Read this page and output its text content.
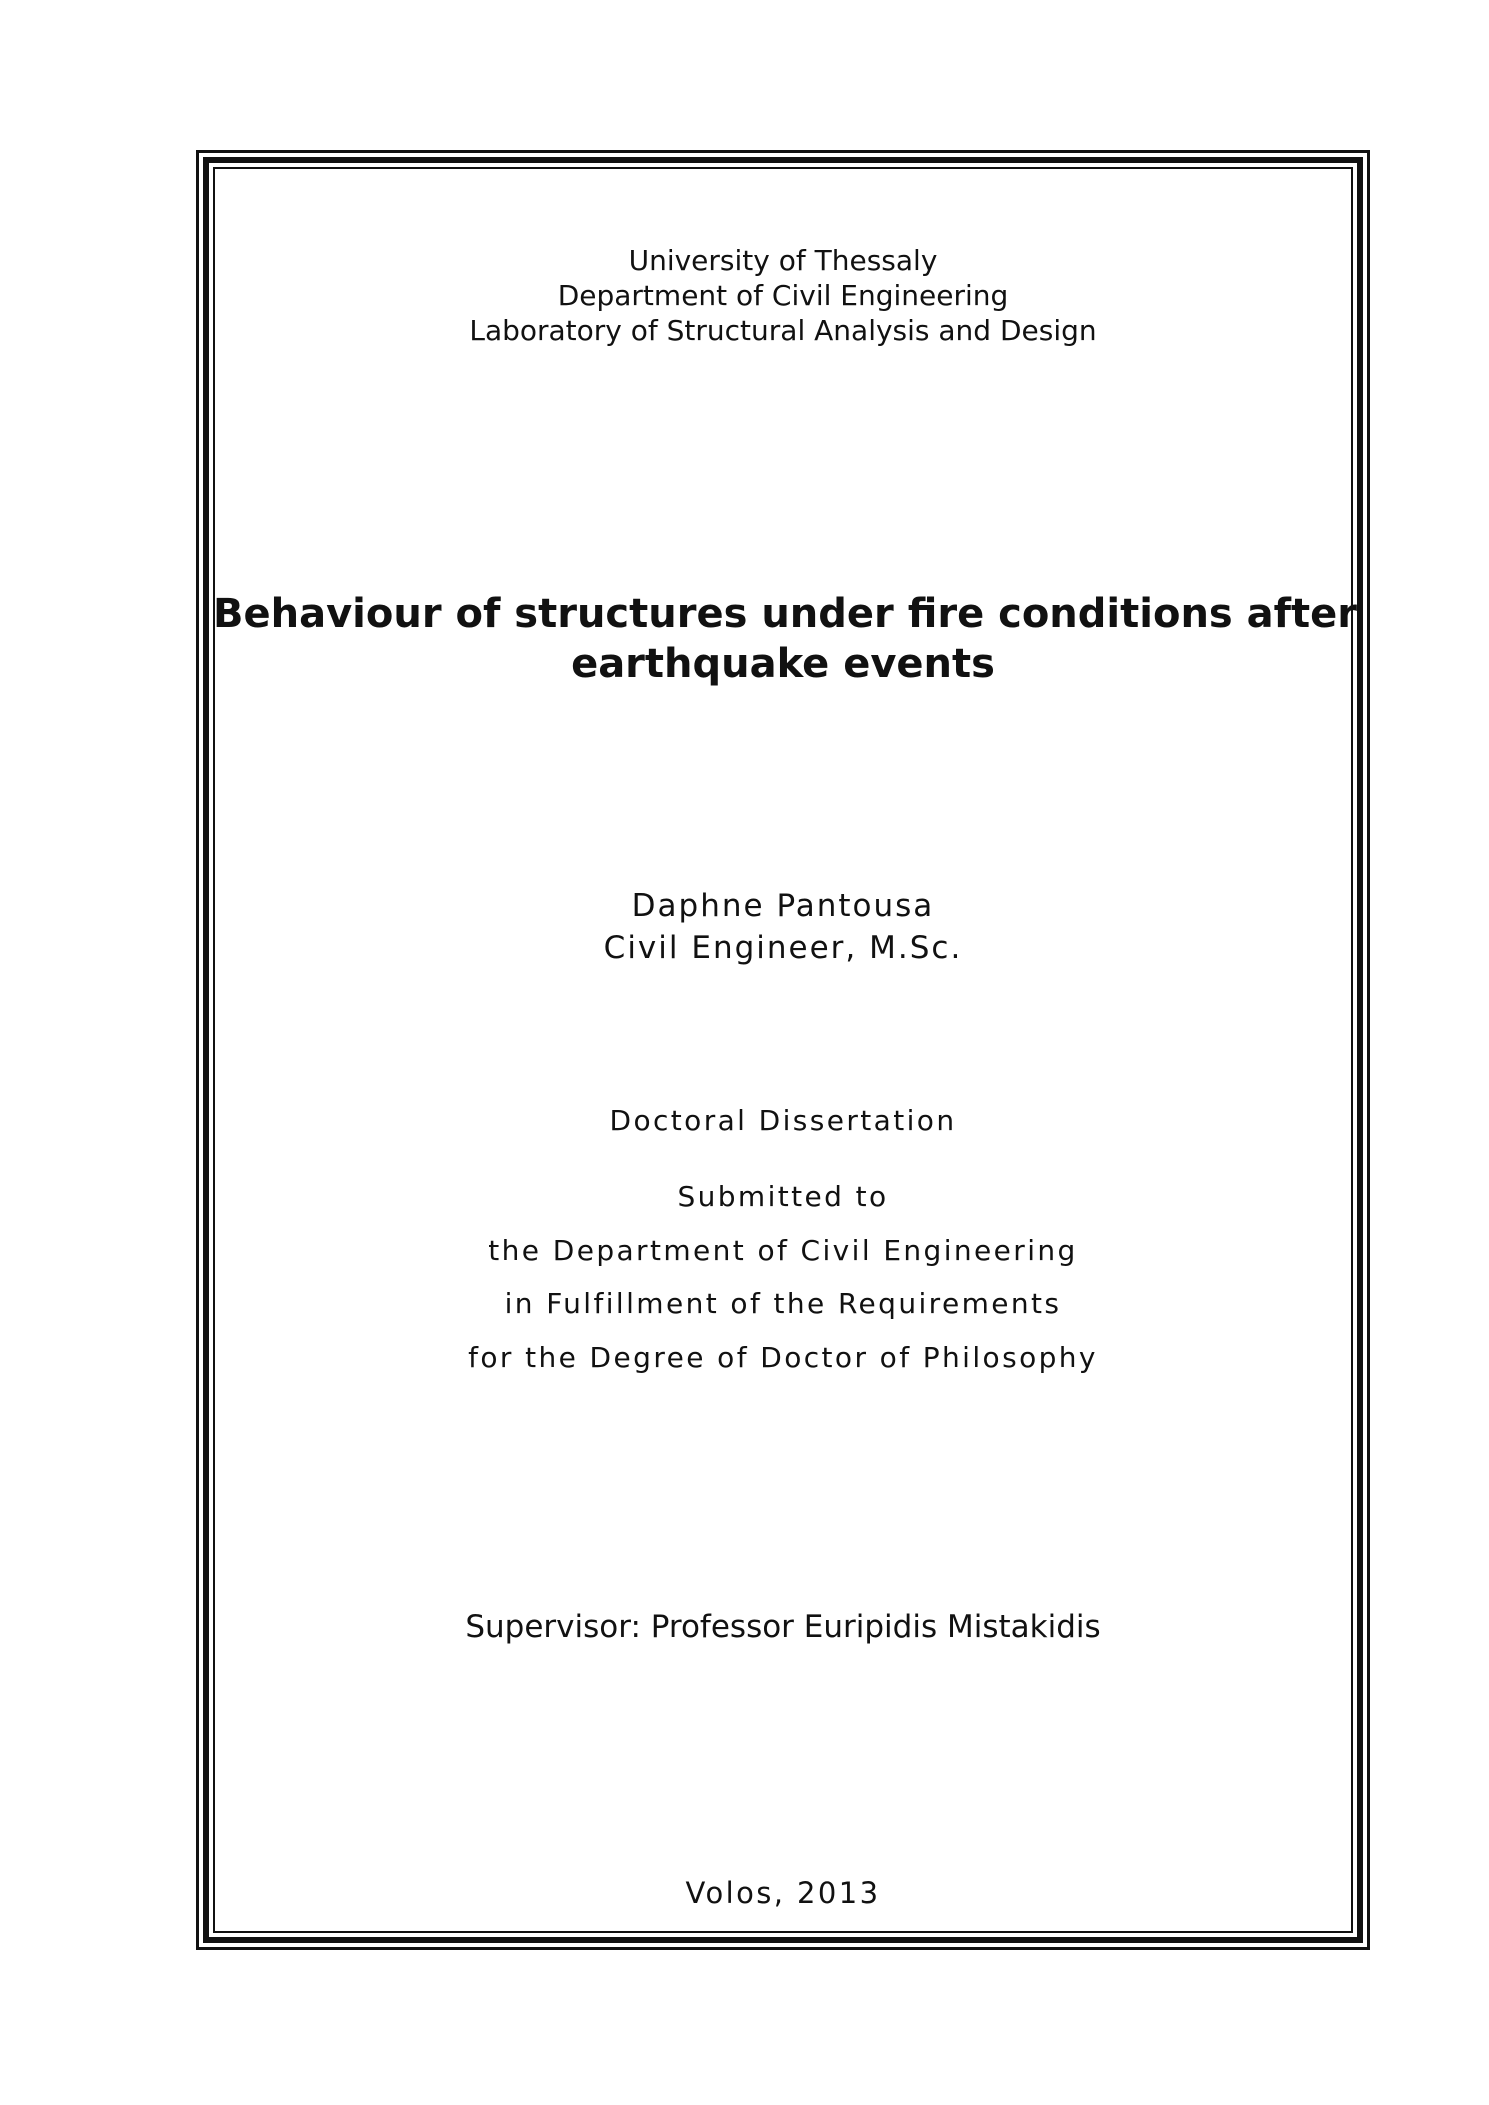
University of Thessaly
Department of Civil Engineering
Laboratory of Structural Analysis and Design
Behaviour of structures under fire conditions after
earthquake events
Daphne Pantousa
Civil Engineer, M.Sc.
Doctoral Dissertation
Submitted to
the Department of Civil Engineering
in Fulfillment of the Requirements
for the Degree of Doctor of Philosophy
Supervisor: Professor Euripidis Mistakidis
Volos, 2013
